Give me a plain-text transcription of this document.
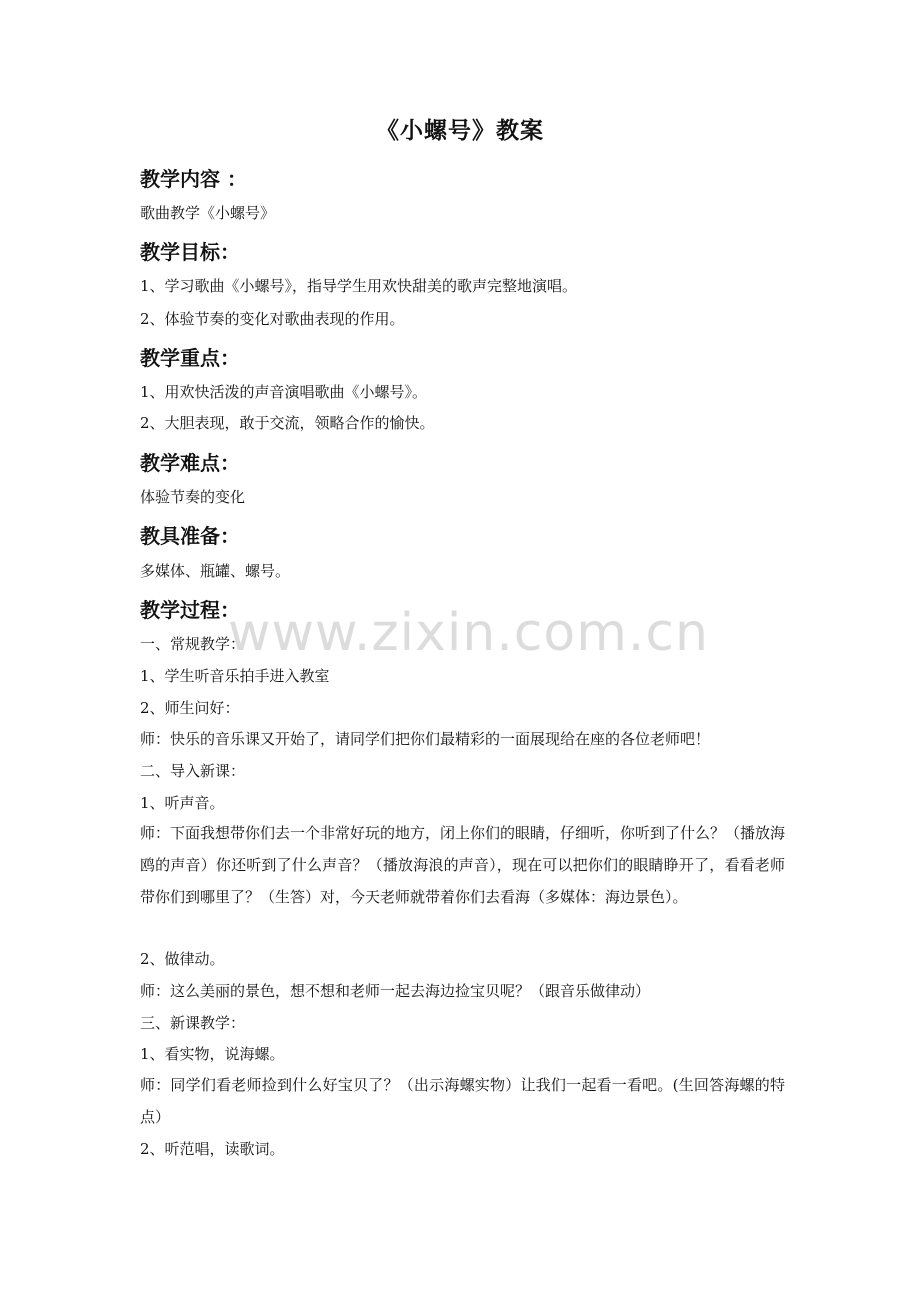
www.zixin.com.cn
《小螺号》教案
教学内容 ：
歌曲教学《小螺号》
教学目标：
1、学习歌曲《小螺号》，指导学生用欢快甜美的歌声完整地演唱。
2、体验节奏的变化对歌曲表现的作用。
教学重点：
1、用欢快活泼的声音演唱歌曲《小螺号》。
2、大胆表现，敢于交流，领略合作的愉快。
教学难点：
体验节奏的变化
教具准备：
多媒体、瓶罐、螺号。
教学过程：
一、常规教学：
1、学生听音乐拍手进入教室
2、师生问好：
师：快乐的音乐课又开始了，请同学们把你们最精彩的一面展现给在座的各位老师吧！
二、导入新课：
1、听声音。
师：下面我想带你们去一个非常好玩的地方，闭上你们的眼睛，仔细听，你听到了什么？（播放海鸥的声音）你还听到了什么声音？（播放海浪的声音），现在可以把你们的眼睛睁开了，看看老师带你们到哪里了？（生答）对，今天老师就带着你们去看海（多媒体：海边景色）。
2、做律动。
师：这么美丽的景色，想不想和老师一起去海边捡宝贝呢？（跟音乐做律动）
三、新课教学：
1、看实物，说海螺。
师：同学们看老师捡到什么好宝贝了？（出示海螺实物）让我们一起看一看吧。(生回答海螺的特点）
2、听范唱，读歌词。
